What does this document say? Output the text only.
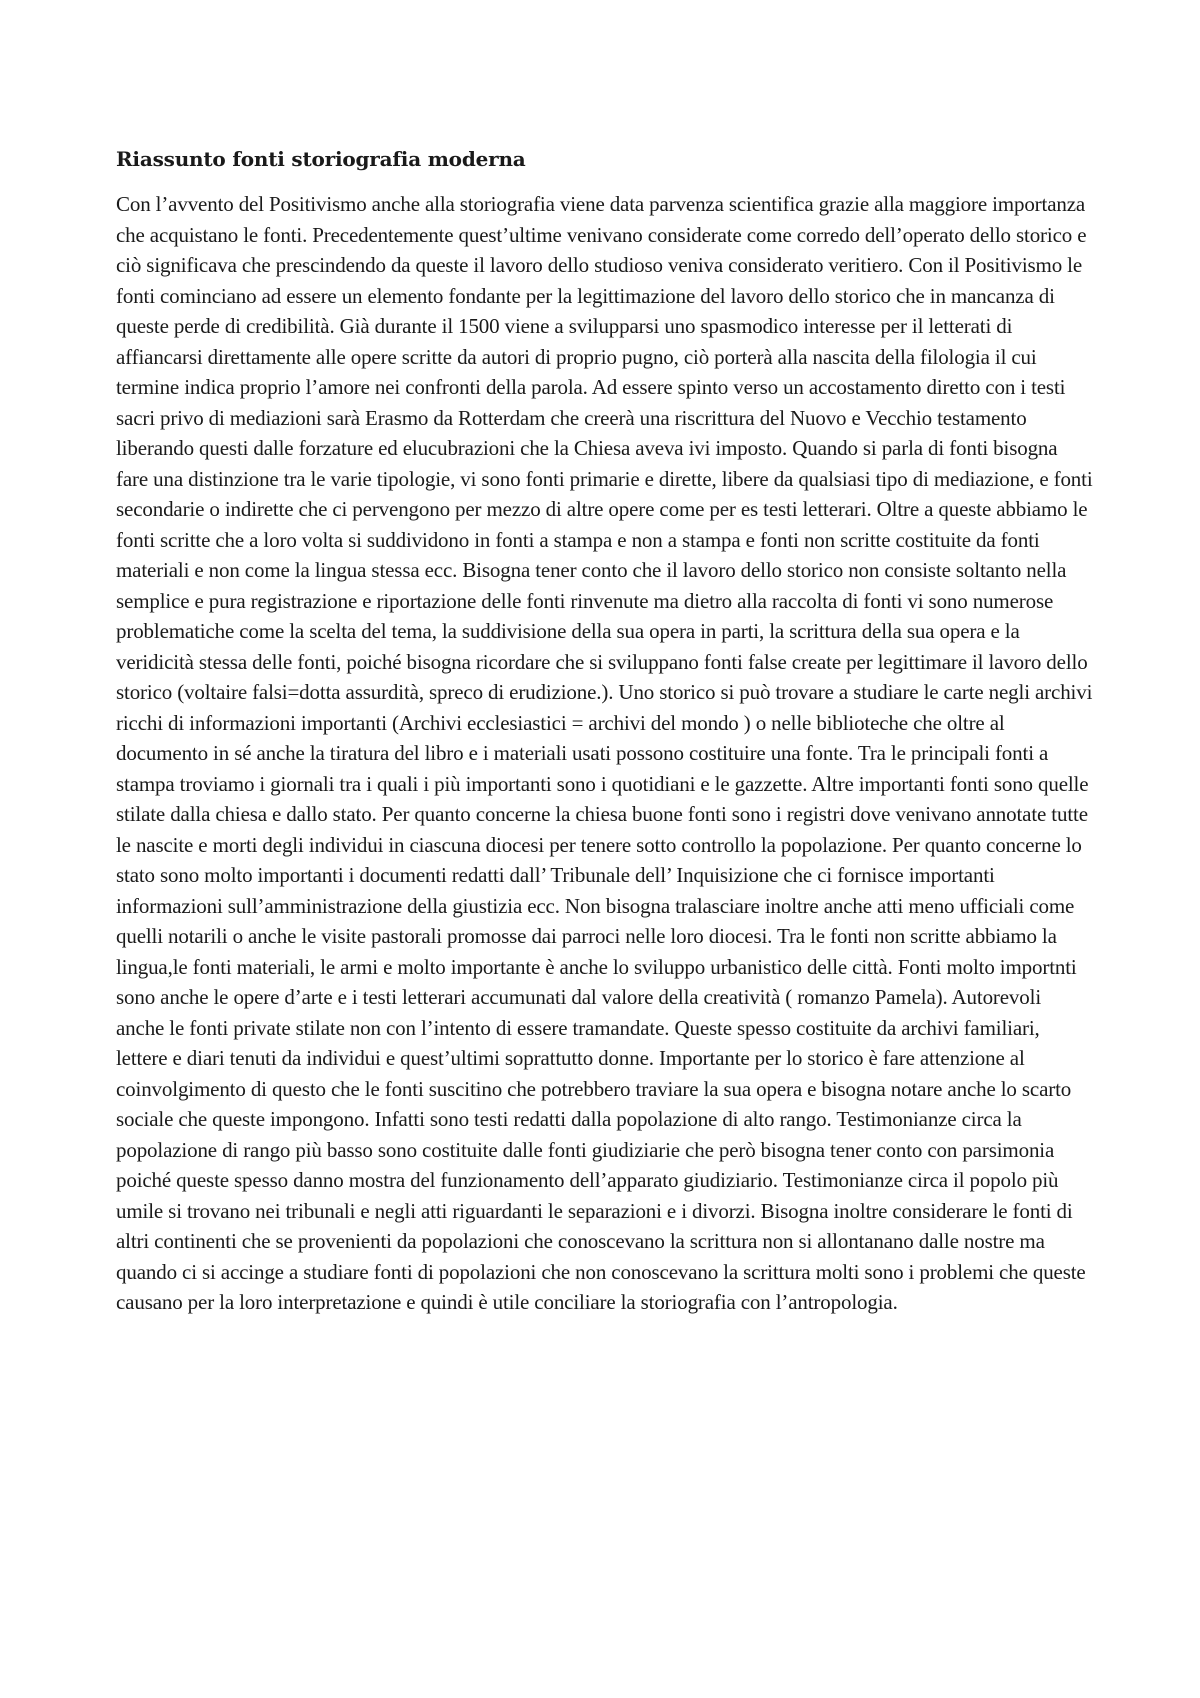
Riassunto fonti storiografia moderna

Con l’avvento del Positivismo anche alla storiografia viene data parvenza scientifica grazie alla maggiore importanza che acquistano le fonti. Precedentemente quest’ultime venivano considerate come corredo dell’operato dello storico e ciò significava che prescindendo da queste il lavoro dello studioso veniva considerato veritiero. Con il Positivismo le fonti cominciano ad essere un elemento fondante per la legittimazione del lavoro dello storico che in mancanza di queste perde di credibilità. Già durante il 1500 viene a svilupparsi uno spasmodico interesse per il letterati di affiancarsi direttamente alle opere scritte da autori di proprio pugno, ciò porterà alla nascita della filologia il cui termine indica proprio l’amore nei confronti della parola. Ad essere spinto verso un accostamento diretto con i testi sacri privo di mediazioni sarà Erasmo da Rotterdam che creerà una riscrittura del Nuovo e Vecchio testamento liberando questi dalle forzature ed elucubrazioni che la Chiesa aveva ivi imposto. Quando si parla di fonti bisogna fare una distinzione tra le varie tipologie, vi sono fonti primarie e dirette, libere da qualsiasi tipo di mediazione, e fonti secondarie o indirette che ci pervengono per mezzo di altre opere come per es testi letterari. Oltre a queste abbiamo le fonti scritte che a loro volta si suddividono in fonti a stampa e non a stampa e fonti non scritte costituite da fonti materiali e non come la lingua stessa ecc. Bisogna tener conto che il lavoro dello storico non consiste soltanto nella semplice e pura registrazione e riportazione delle fonti rinvenute ma dietro alla raccolta di fonti vi sono numerose problematiche come la scelta del tema, la suddivisione della sua opera in parti, la scrittura della sua opera e la veridicità stessa delle fonti, poiché bisogna ricordare che si sviluppano fonti false create per legittimare il lavoro dello storico (voltaire falsi=dotta assurdità, spreco di erudizione.). Uno storico si può trovare a studiare le carte negli archivi ricchi di informazioni importanti (Archivi ecclesiastici = archivi del mondo ) o nelle biblioteche che oltre al documento in sé anche la tiratura del libro e i materiali usati possono costituire una fonte. Tra le principali fonti a stampa troviamo i giornali tra i quali i più importanti sono i quotidiani e le gazzette. Altre importanti fonti sono quelle stilate dalla chiesa e dallo stato. Per quanto concerne la chiesa buone fonti sono i registri dove venivano annotate tutte le nascite e morti degli individui in ciascuna diocesi per tenere sotto controllo la popolazione. Per quanto concerne lo stato sono molto importanti i documenti redatti dall’ Tribunale dell’ Inquisizione che ci fornisce importanti informazioni sull’amministrazione della giustizia ecc. Non bisogna tralasciare inoltre anche atti meno ufficiali come quelli notarili o anche le visite pastorali promosse dai parroci nelle loro diocesi. Tra le fonti non scritte abbiamo la lingua,le fonti materiali, le armi e molto importante è anche lo sviluppo urbanistico delle città. Fonti molto importnti sono anche le opere d’arte e i testi letterari accumunati dal valore della creatività ( romanzo Pamela). Autorevoli anche le fonti private stilate non con l’intento di essere tramandate. Queste spesso costituite da archivi familiari, lettere e diari tenuti da individui e quest’ultimi soprattutto donne. Importante per lo storico è fare attenzione al coinvolgimento di questo che le fonti suscitino che potrebbero traviare la sua opera e bisogna notare anche lo scarto sociale che queste impongono. Infatti sono testi redatti dalla popolazione di alto rango. Testimonianze circa la popolazione di rango più basso sono costituite dalle fonti giudiziarie che però bisogna tener conto con parsimonia poiché queste spesso danno mostra del funzionamento dell’apparato giudiziario. Testimonianze circa il popolo più umile si trovano nei tribunali e negli atti riguardanti le separazioni e i divorzi. Bisogna inoltre considerare le fonti di altri continenti che se provenienti da popolazioni che conoscevano la scrittura non si allontanano dalle nostre ma quando ci si accinge a studiare fonti di popolazioni che non conoscevano la scrittura molti sono i problemi che queste causano per la loro interpretazione e quindi è utile conciliare la storiografia con l’antropologia.
